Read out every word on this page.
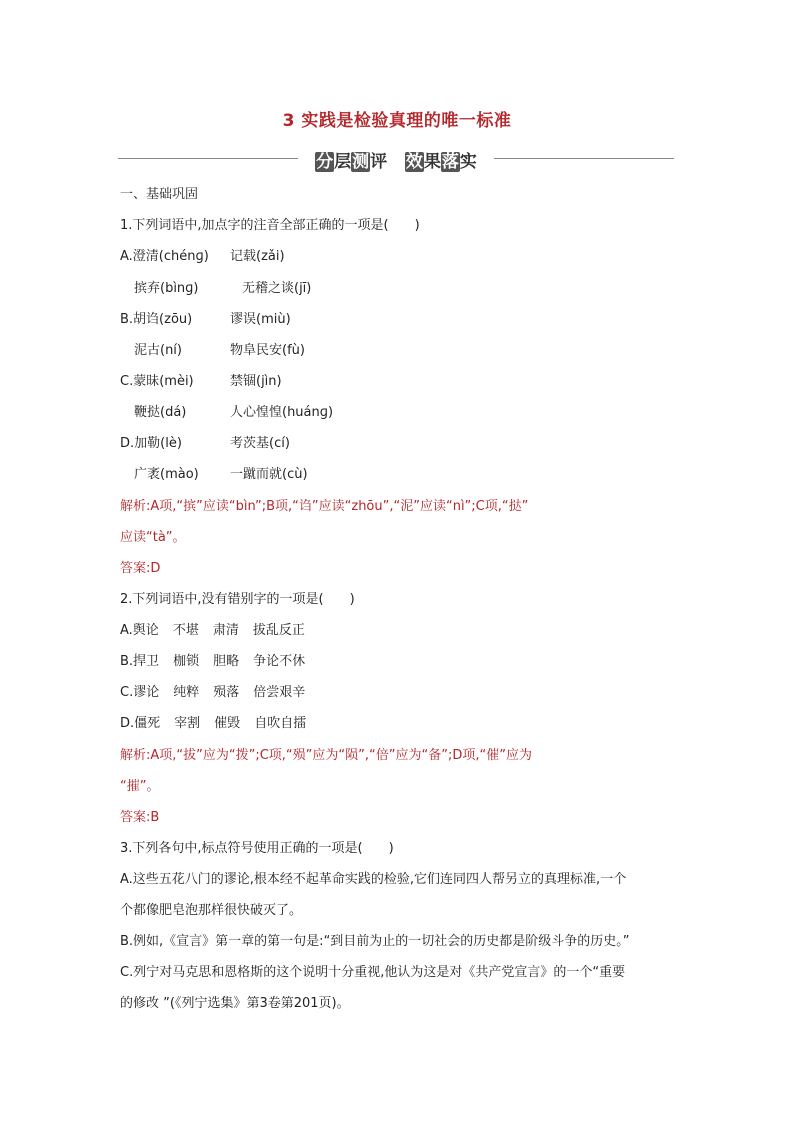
3 实践是检验真理的唯一标准
分层测评 效果落实
一、基础巩固
1.下列词语中,加点字的注音全部正确的一项是(　　)
A.澄清(chénɡ) 记载(zǎi)
摈弃(bìnɡ)	无稽之谈(jī)
B.胡诌(zōu)	谬误(miù)
泥古(ní)	物阜民安(fù)
C.蒙昧(mèi)	禁锢(jìn)
鞭挞(dá)	人心惶惶(huánɡ)
D.加勒(lè)	考茨基(cí)
广袤(mào) 一蹴而就(cù)
解析:A项,“摈”应读“bìn”;B项,“诌”应读“zhōu”,“泥”应读“nì”;C项,“挞”
应读“tà”。
答案:D
2.下列词语中,没有错别字的一项是(　　)
A.舆论 不堪 肃清 拔乱反正
B.捍卫 枷锁 胆略 争论不休
C.谬论 纯粹 殒落 倍尝艰辛
D.僵死 宰割 催毁 自吹自擂
解析:A项,“拔”应为“拨”;C项,“殒”应为“陨”,“倍”应为“备”;D项,“催”应为
“摧”。
答案:B
3.下列各句中,标点符号使用正确的一项是(　　)
A.这些五花八门的谬论,根本经不起革命实践的检验,它们连同四人帮另立的真理标准,一个
个都像肥皂泡那样很快破灭了。
B.例如,《宣言》第一章的第一句是:“到目前为止的一切社会的历史都是阶级斗争的历史。”
C.列宁对马克思和恩格斯的这个说明十分重视,他认为这是对《共产党宣言》的一个“重要
的修改 ”(《列宁选集》第3卷第201页)。
